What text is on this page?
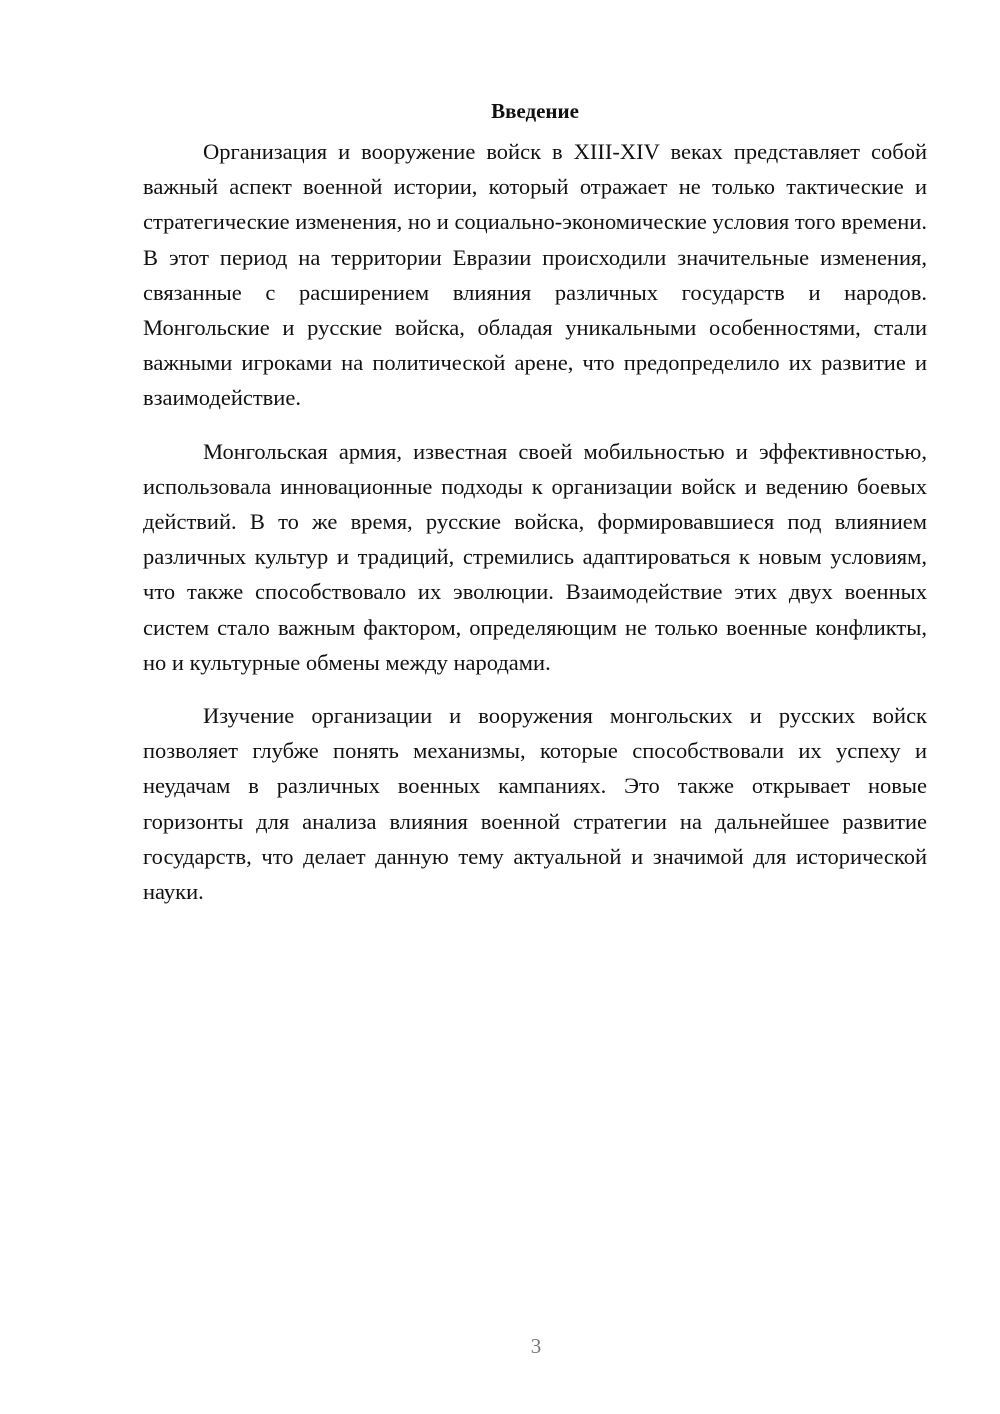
Введение

Организация и вооружение войск в XIII-XIV веках представляет собой важный аспект военной истории, который отражает не только тактические и стратегические изменения, но и социально-экономические условия того времени. В этот период на территории Евразии происходили значительные изменения, связанные с расширением влияния различных государств и народов. Монгольские и русские войска, обладая уникальными особенностями, стали важными игроками на политической арене, что предопределило их развитие и взаимодействие.

Монгольская армия, известная своей мобильностью и эффективностью, использовала инновационные подходы к организации войск и ведению боевых действий. В то же время, русские войска, формировавшиеся под влиянием различных культур и традиций, стремились адаптироваться к новым условиям, что также способствовало их эволюции. Взаимодействие этих двух военных систем стало важным фактором, определяющим не только военные конфликты, но и культурные обмены между народами.

Изучение организации и вооружения монгольских и русских войск позволяет глубже понять механизмы, которые способствовали их успеху и неудачам в различных военных кампаниях. Это также открывает новые горизонты для анализа влияния военной стратегии на дальнейшее развитие государств, что делает данную тему актуальной и значимой для исторической науки.

3
